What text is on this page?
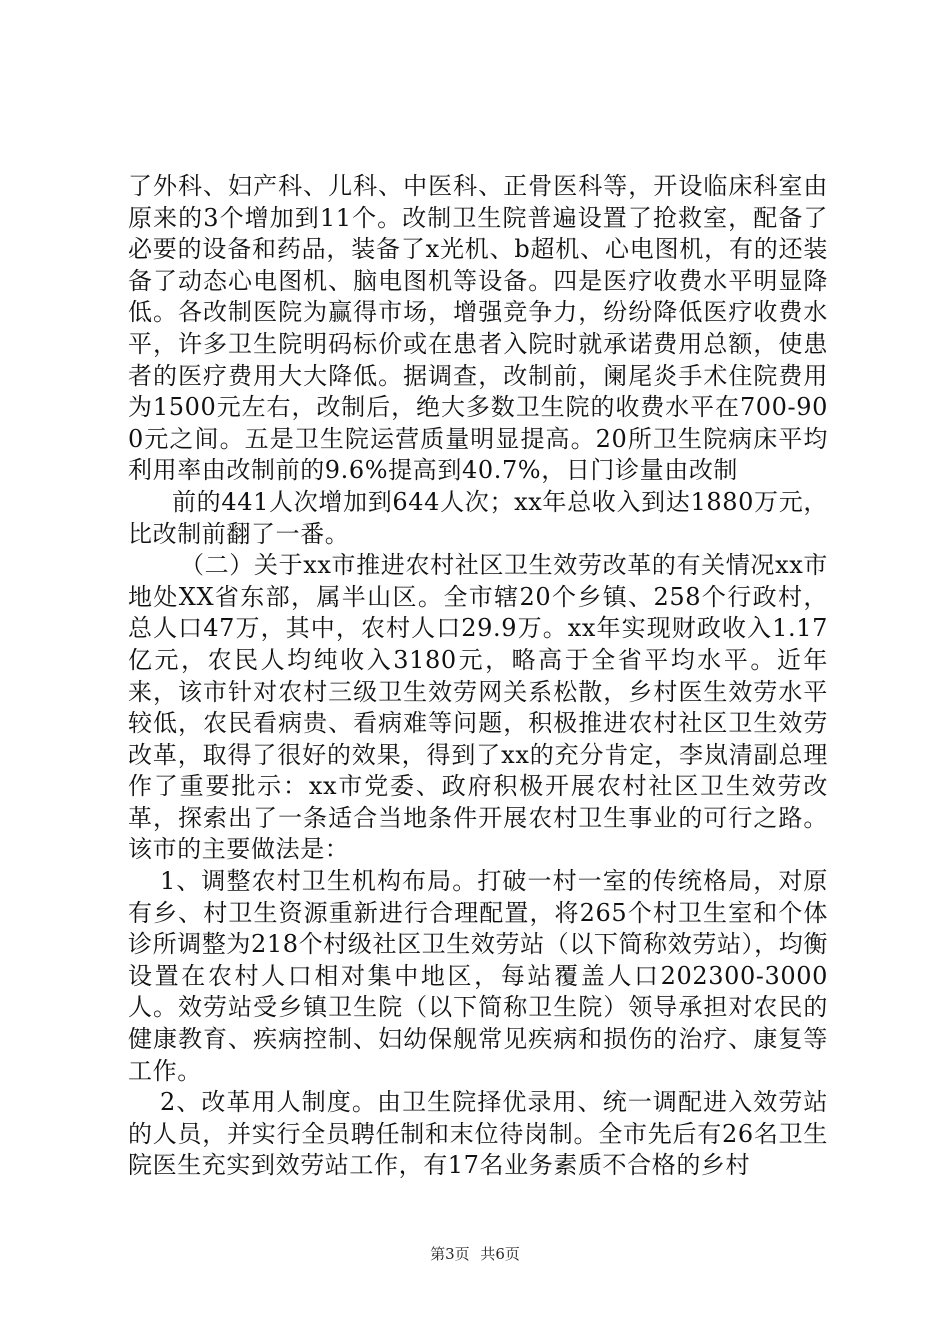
了外科、妇产科、儿科、中医科、正骨医科等，开设临床科室由原来的3个增加到11个。改制卫生院普遍设置了抢救室，配备了必要的设备和药品，装备了x光机、b超机、心电图机，有的还装备了动态心电图机、脑电图机等设备。四是医疗收费水平明显降低。各改制医院为赢得市场，增强竞争力，纷纷降低医疗收费水平，许多卫生院明码标价或在患者入院时就承诺费用总额，使患者的医疗费用大大降低。据调查，改制前，阑尾炎手术住院费用为1500元左右，改制后，绝大多数卫生院的收费水平在700-900元之间。五是卫生院运营质量明显提高。20所卫生院病床平均利用率由改制前的9.6%提高到40.7%，日门诊量由改制

前的441人次增加到644人次；xx年总收入到达1880万元，比改制前翻了一番。

（二）关于xx市推进农村社区卫生效劳改革的有关情况xx市地处XX省东部，属半山区。全市辖20个乡镇、258个行政村，总人口47万，其中，农村人口29.9万。xx年实现财政收入1.17亿元，农民人均纯收入3180元，略高于全省平均水平。近年来，该市针对农村三级卫生效劳网关系松散，乡村医生效劳水平较低，农民看病贵、看病难等问题，积极推进农村社区卫生效劳改革，取得了很好的效果，得到了xx的充分肯定，李岚清副总理作了重要批示：xx市党委、政府积极开展农村社区卫生效劳改革，探索出了一条适合当地条件开展农村卫生事业的可行之路。该市的主要做法是：

1、调整农村卫生机构布局。打破一村一室的传统格局，对原有乡、村卫生资源重新进行合理配置，将265个村卫生室和个体诊所调整为218个村级社区卫生效劳站（以下简称效劳站），均衡设置在农村人口相对集中地区，每站覆盖人口202300-3000人。效劳站受乡镇卫生院（以下简称卫生院）领导承担对农民的健康教育、疾病控制、妇幼保舰常见疾病和损伤的治疗、康复等工作。

2、改革用人制度。由卫生院择优录用、统一调配进入效劳站的人员，并实行全员聘任制和末位待岗制。全市先后有26名卫生院医生充实到效劳站工作，有17名业务素质不合格的乡村

第3页 共6页
